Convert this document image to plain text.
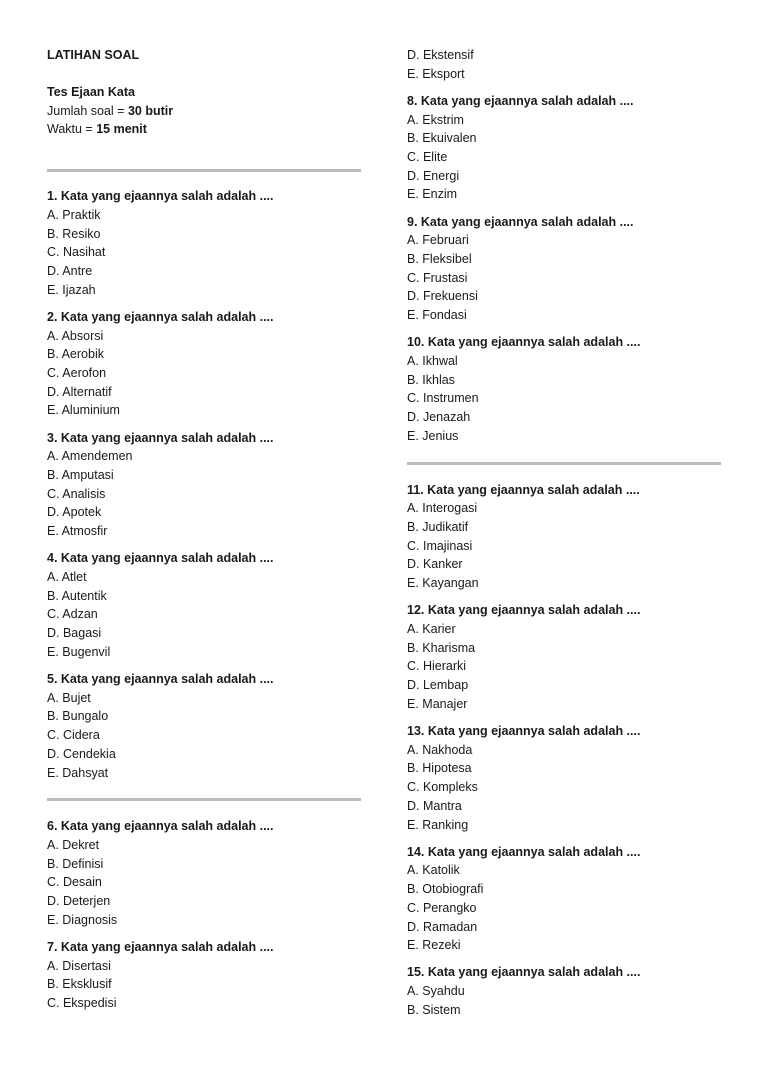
LATIHAN SOAL
Tes Ejaan Kata
Jumlah soal = 30 butir
Waktu = 15 menit
1. Kata yang ejaannya salah adalah ....
A. Praktik
B. Resiko
C. Nasihat
D. Antre
E. Ijazah
2. Kata yang ejaannya salah adalah ....
A. Absorsi
B. Aerobik
C. Aerofon
D. Alternatif
E. Aluminium
3. Kata yang ejaannya salah adalah ....
A. Amendemen
B. Amputasi
C. Analisis
D. Apotek
E. Atmosfir
4. Kata yang ejaannya salah adalah ....
A. Atlet
B. Autentik
C. Adzan
D. Bagasi
E. Bugenvil
5. Kata yang ejaannya salah adalah ....
A. Bujet
B. Bungalo
C. Cidera
D. Cendekia
E. Dahsyat
6. Kata yang ejaannya salah adalah ....
A. Dekret
B. Definisi
C. Desain
D. Deterjen
E. Diagnosis
7. Kata yang ejaannya salah adalah ....
A. Disertasi
B. Eksklusif
C. Ekspedisi
D. Ekstensif
E. Eksport
8. Kata yang ejaannya salah adalah ....
A. Ekstrim
B. Ekuivalen
C. Elite
D. Energi
E. Enzim
9. Kata yang ejaannya salah adalah ....
A. Februari
B. Fleksibel
C. Frustasi
D. Frekuensi
E. Fondasi
10. Kata yang ejaannya salah adalah ....
A. Ikhwal
B. Ikhlas
C. Instrumen
D. Jenazah
E. Jenius
11. Kata yang ejaannya salah adalah ....
A. Interogasi
B. Judikatif
C. Imajinasi
D. Kanker
E. Kayangan
12. Kata yang ejaannya salah adalah ....
A. Karier
B. Kharisma
C. Hierarki
D. Lembap
E. Manajer
13. Kata yang ejaannya salah adalah ....
A. Nakhoda
B. Hipotesa
C. Kompleks
D. Mantra
E. Ranking
14. Kata yang ejaannya salah adalah ....
A. Katolik
B. Otobiografi
C. Perangko
D. Ramadan
E. Rezeki
15. Kata yang ejaannya salah adalah ....
A. Syahdu
B. Sistem
